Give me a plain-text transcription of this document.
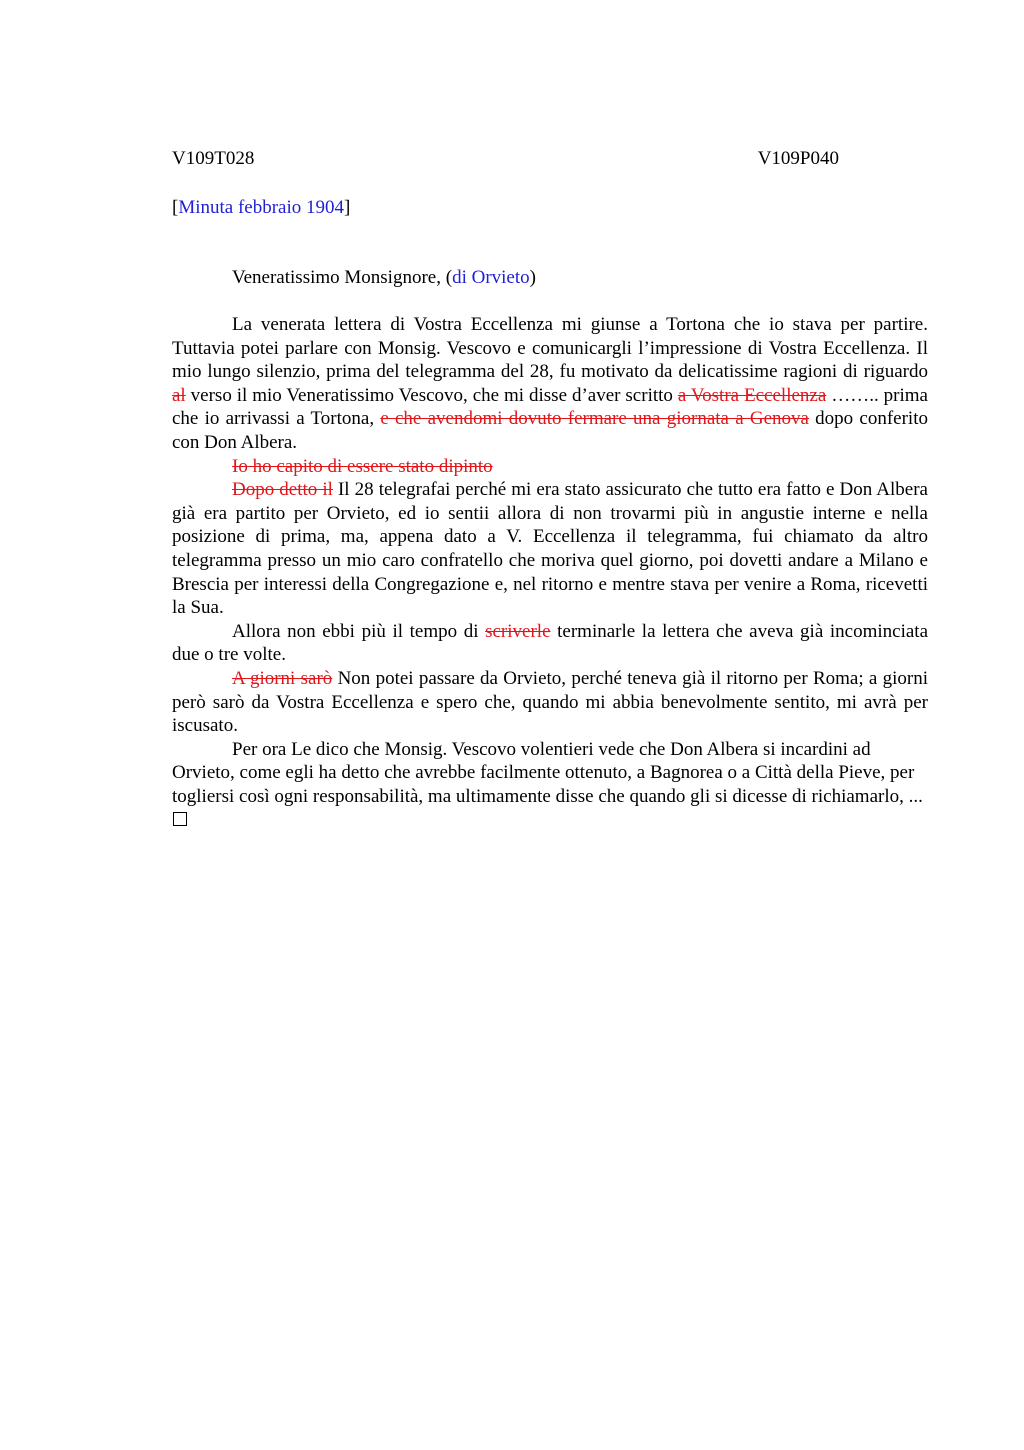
V109T028	V109P040
[Minuta febbraio 1904]
Veneratissimo Monsignore, (di Orvieto)

La venerata lettera di Vostra Eccellenza mi giunse a Tortona che io stava per partire. Tuttavia potei parlare con Monsig. Vescovo e comunicargli l’impressione di Vostra Eccellenza. Il mio lungo silenzio, prima del telegramma del 28, fu motivato da delicatissime ragioni di riguardo al verso il mio Veneratissimo Vescovo, che mi disse d’aver scritto a Vostra Eccellenza …….. prima che io arrivassi a Tortona, e che avendomi dovuto fermare una giornata a Genova dopo conferito con Don Albera.

Io ho capito di essere stato dipinto

Dopo detto il Il 28 telegrafai perché mi era stato assicurato che tutto era fatto e Don Albera già era partito per Orvieto, ed io sentii allora di non trovarmi più in angustie interne e nella posizione di prima, ma, appena dato a V. Eccellenza il telegramma, fui chiamato da altro telegramma presso un mio caro confratello che moriva quel giorno, poi dovetti andare a Milano e Brescia per interessi della Congregazione e, nel ritorno e mentre stava per venire a Roma, ricevetti la Sua.

Allora non ebbi più il tempo di scriverle terminarle la lettera che aveva già incominciata due o tre volte.

A giorni sarò Non potei passare da Orvieto, perché teneva già il ritorno per Roma; a giorni però sarò da Vostra Eccellenza e spero che, quando mi abbia benevolmente sentito, mi avrà per iscusato.

Per ora Le dico che Monsig. Vescovo volentieri vede che Don Albera si incardini ad Orvieto, come egli ha detto che avrebbe facilmente ottenuto, a Bagnorea o a Città della Pieve, per togliersi così ogni responsabilità, ma ultimamente disse che quando gli si dicesse di richiamarlo, ...
